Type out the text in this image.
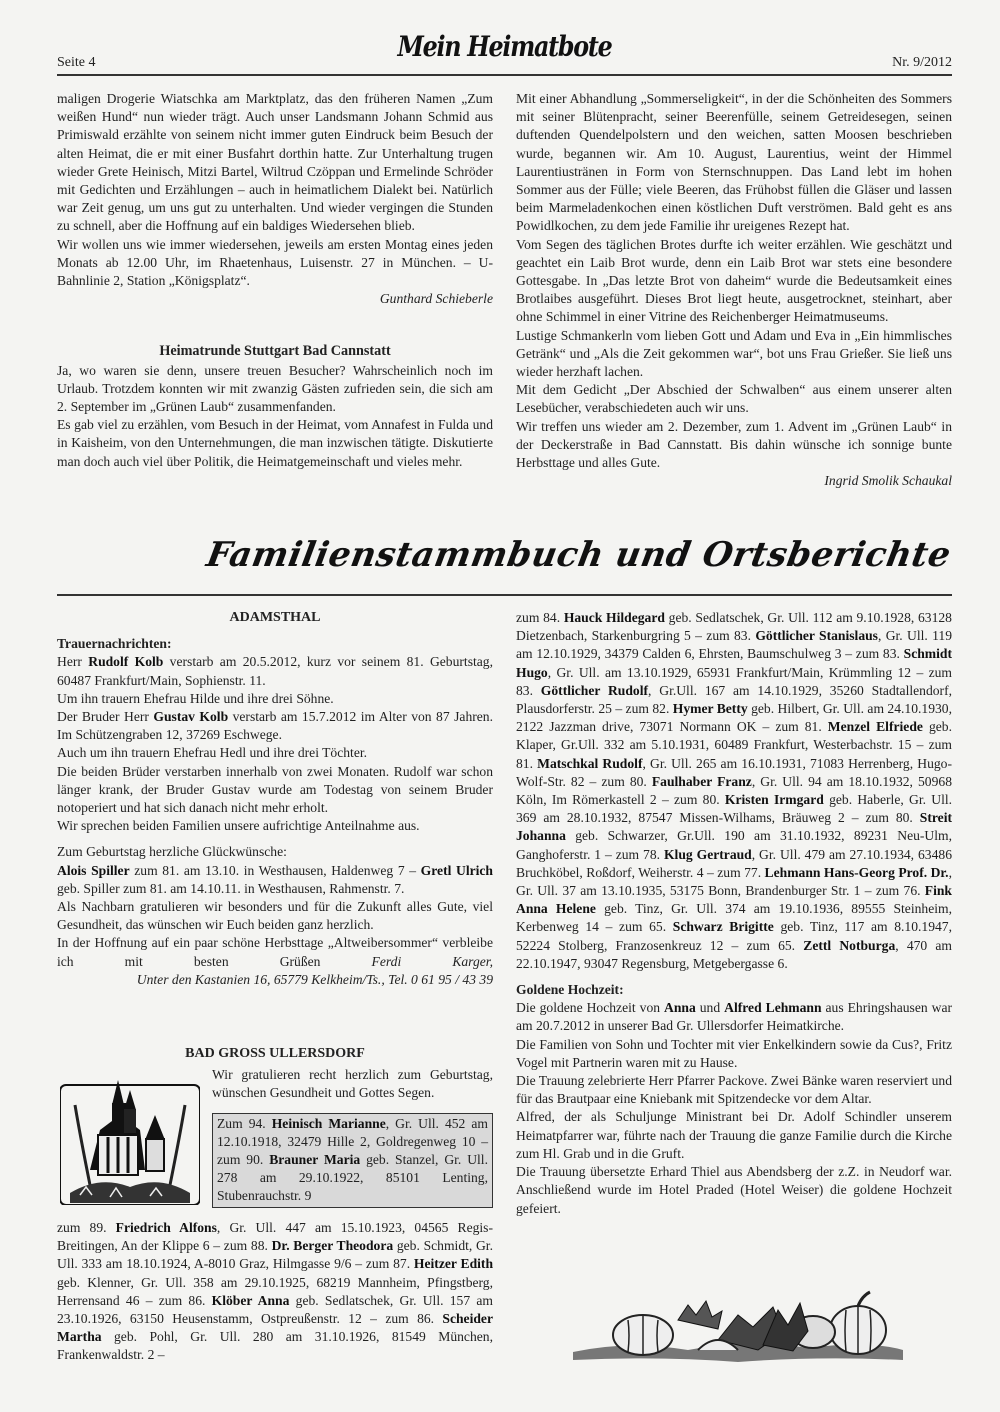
Seite 4	Mein Heimatbote	Nr. 9/2012

maligen Drogerie Wiatschka am Marktplatz, das den früheren Namen „Zum weißen Hund“ nun wieder trägt. Auch unser Landsmann Johann Schmid aus Primiswald erzählte von seinem nicht immer guten Eindruck beim Besuch der alten Heimat, die er mit einer Busfahrt dorthin hatte. Zur Unterhaltung trugen wieder Grete Heinisch, Mitzi Bartel, Wiltrud Czöppan und Ermelinde Schröder mit Gedichten und Erzählungen – auch in heimatlichem Dialekt bei. Natürlich war Zeit genug, um uns gut zu unterhalten. Und wieder vergingen die Stunden zu schnell, aber die Hoffnung auf ein baldiges Wiedersehen blieb.

Wir wollen uns wie immer wiedersehen, jeweils am ersten Montag eines jeden Monats ab 12.00 Uhr, im Rhaetenhaus, Luisenstr. 27 in München. – U-Bahnlinie 2, Station „Königsplatz“.

Gunthard Schieberle

Heimatrunde Stuttgart Bad Cannstatt

Ja, wo waren sie denn, unsere treuen Besucher? Wahrscheinlich noch im Urlaub. Trotzdem konnten wir mit zwanzig Gästen zufrieden sein, die sich am 2. September im „Grünen Laub“ zusammenfanden.

Es gab viel zu erzählen, vom Besuch in der Heimat, vom Annafest in Fulda und in Kaisheim, von den Unternehmungen, die man inzwischen tätigte. Diskutierte man doch auch viel über Politik, die Heimatgemeinschaft und vieles mehr.

Mit einer Abhandlung „Sommerseligkeit“, in der die Schönheiten des Sommers mit seiner Blütenpracht, seiner Beerenfülle, seinem Getreidesegen, seinen duftenden Quendelpolstern und den weichen, satten Moosen beschrieben wurde, begannen wir. Am 10. August, Laurentius, weint der Himmel Laurentiustränen in Form von Sternschnuppen. Das Land lebt im hohen Sommer aus der Fülle; viele Beeren, das Frühobst füllen die Gläser und lassen beim Marmeladenkochen einen köstlichen Duft verströmen. Bald geht es ans Powidlkochen, zu dem jede Familie ihr ureigenes Rezept hat.

Vom Segen des täglichen Brotes durfte ich weiter erzählen. Wie geschätzt und geachtet ein Laib Brot wurde, denn ein Laib Brot war stets eine besondere Gottesgabe. In „Das letzte Brot von daheim“ wurde die Bedeutsamkeit eines Brotlaibes ausgeführt. Dieses Brot liegt heute, ausgetrocknet, steinhart, aber ohne Schimmel in einer Vitrine des Reichenberger Heimatmuseums.

Lustige Schmankerln vom lieben Gott und Adam und Eva in „Ein himmlisches Getränk“ und „Als die Zeit gekommen war“, bot uns Frau Grießer. Sie ließ uns wieder herzhaft lachen.

Mit dem Gedicht „Der Abschied der Schwalben“ aus einem unserer alten Lesebücher, verabschiedeten auch wir uns.

Wir treffen uns wieder am 2. Dezember, zum 1. Advent im „Grünen Laub“ in der Deckerstraße in Bad Cannstatt. Bis dahin wünsche ich sonnige bunte Herbsttage und alles Gute.

Ingrid Smolik Schaukal

Familienstammbuch und Ortsberichte
ADAMSTHAL

Trauernachrichten:

Herr Rudolf Kolb verstarb am 20.5.2012, kurz vor seinem 81. Geburtstag, 60487 Frankfurt/Main, Sophienstr. 11.

Um ihn trauern Ehefrau Hilde und ihre drei Söhne.

Der Bruder Herr Gustav Kolb verstarb am 15.7.2012 im Alter von 87 Jahren. Im Schützengraben 12, 37269 Eschwege.

Auch um ihn trauern Ehefrau Hedl und ihre drei Töchter.

Die beiden Brüder verstarben innerhalb von zwei Monaten. Rudolf war schon länger krank, der Bruder Gustav wurde am Todestag von seinem Bruder notoperiert und hat sich danach nicht mehr erholt.

Wir sprechen beiden Familien unsere aufrichtige Anteilnahme aus.

Zum Geburtstag herzliche Glückwünsche:

Alois Spiller zum 81. am 13.10. in Westhausen, Haldenweg 7 – Gretl Ulrich geb. Spiller zum 81. am 14.10.11. in Westhausen, Rahmenstr. 7.

Als Nachbarn gratulieren wir besonders und für die Zukunft alles Gute, viel Gesundheit, das wünschen wir Euch beiden ganz herzlich.

In der Hoffnung auf ein paar schöne Herbsttage „Altweibersommer“ verbleibe ich mit besten Grüßen	Ferdi Karger,

Unter den Kastanien 16, 65779 Kelkheim/Ts., Tel. 0 61 95 / 43 39

BAD GROSS ULLERSDORF

Wir gratulieren recht herzlich zum Geburtstag, wünschen Gesundheit und Gottes Segen.

Zum 94. Heinisch Marianne, Gr. Ull. 452 am 12.10.1918, 32479 Hille 2, Goldregenweg 10 – zum 90. Brauner Maria geb. Stanzel, Gr. Ull. 278 am 29.10.1922, 85101 Lenting, Stubenrauchstr. 9
zum 89. Friedrich Alfons, Gr. Ull. 447 am 15.10.1923, 04565 Regis-Breitingen, An der Klippe 6 – zum 88. Dr. Berger Theodora geb. Schmidt, Gr. Ull. 333 am 18.10.1924, A-8010 Graz, Hilmgasse 9/6 – zum 87. Heitzer Edith geb. Klenner, Gr. Ull. 358 am 29.10.1925, 68219 Mannheim, Pfingstberg, Herrensand 46 – zum 86. Klöber Anna geb. Sedlatschek, Gr. Ull. 157 am 23.10.1926, 63150 Heusenstamm, Ostpreußenstr. 12 – zum 86. Scheider Martha geb. Pohl, Gr. Ull. 280 am 31.10.1926, 81549 München, Frankenwaldstr. 2 –

zum 84. Hauck Hildegard geb. Sedlatschek, Gr. Ull. 112 am 9.10.1928, 63128 Dietzenbach, Starkenburgring 5 – zum 83. Göttlicher Stanislaus, Gr. Ull. 119 am 12.10.1929, 34379 Calden 6, Ehrsten, Baumschulweg 3 – zum 83. Schmidt Hugo, Gr. Ull. am 13.10.1929, 65931 Frankfurt/Main, Krümmling 12 – zum 83. Göttlicher Rudolf, Gr.Ull. 167 am 14.10.1929, 35260 Stadtallendorf, Plausdorferstr. 25 – zum 82. Hymer Betty geb. Hilbert, Gr. Ull. am 24.10.1930, 2122 Jazzman drive, 73071 Normann OK – zum 81. Menzel Elfriede geb. Klaper, Gr.Ull. 332 am 5.10.1931, 60489 Frankfurt, Westerbachstr. 15 – zum 81. Matschkal Rudolf, Gr. Ull. 265 am 16.10.1931, 71083 Herrenberg, Hugo-Wolf-Str. 82 – zum 80. Faulhaber Franz, Gr. Ull. 94 am 18.10.1932, 50968 Köln, Im Römerkastell 2 – zum 80. Kristen Irmgard geb. Haberle, Gr. Ull. 369 am 28.10.1932, 87547 Missen-Wilhams, Bräuweg 2 – zum 80. Streit Johanna geb. Schwarzer, Gr.Ull. 190 am 31.10.1932, 89231 Neu-Ulm, Ganghoferstr. 1 – zum 78. Klug Gertraud, Gr. Ull. 479 am 27.10.1934, 63486 Bruchköbel, Roßdorf, Weiherstr. 4 – zum 77. Lehmann Hans-Georg Prof. Dr., Gr. Ull. 37 am 13.10.1935, 53175 Bonn, Brandenburger Str. 1 – zum 76. Fink Anna Helene geb. Tinz, Gr. Ull. 374 am 19.10.1936, 89555 Steinheim, Kerbenweg 14 – zum 65. Schwarz Brigitte geb. Tinz, 117 am 8.10.1947, 52224 Stolberg, Franzosenkreuz 12 – zum 65. Zettl Notburga, 470 am 22.10.1947, 93047 Regensburg, Metgebergasse 6.

Goldene Hochzeit:

Die goldene Hochzeit von Anna und Alfred Lehmann aus Ehringshausen war am 20.7.2012 in unserer Bad Gr. Ullersdorfer Heimatkirche.

Die Familien von Sohn und Tochter mit vier Enkelkindern sowie da Cus?, Fritz Vogel mit Partnerin waren mit zu Hause.

Die Trauung zelebrierte Herr Pfarrer Packove. Zwei Bänke waren reserviert und für das Brautpaar eine Kniebank mit Spitzendecke vor dem Altar.

Alfred, der als Schuljunge Ministrant bei Dr. Adolf Schindler unserem Heimatpfarrer war, führte nach der Trauung die ganze Familie durch die Kirche zum Hl. Grab und in die Gruft.

Die Trauung übersetzte Erhard Thiel aus Abendsberg der z.Z. in Neudorf war. Anschließend wurde im Hotel Praded (Hotel Weiser) die goldene Hochzeit gefeiert.
